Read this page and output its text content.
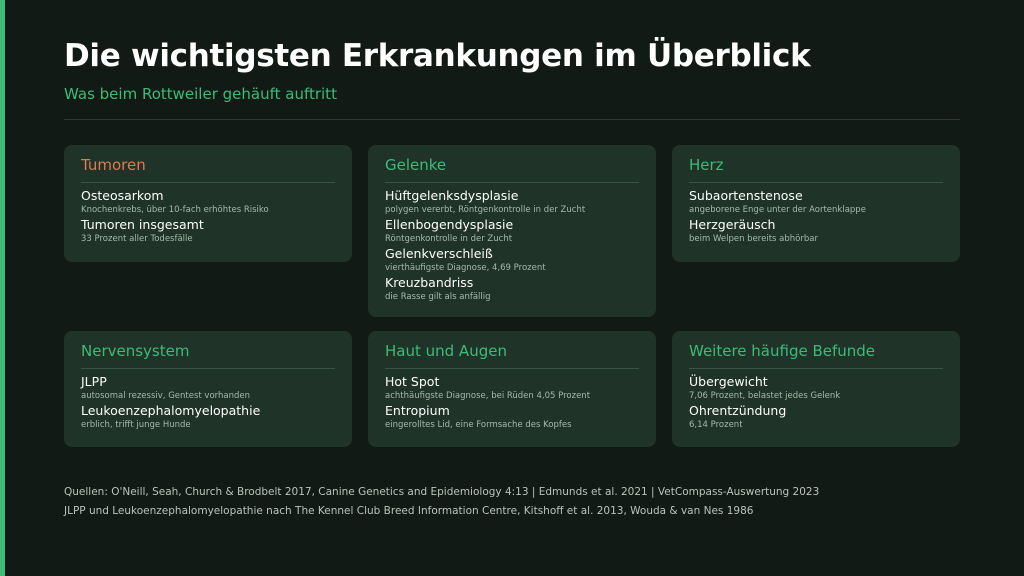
Die wichtigsten Erkrankungen im Überblick
Was beim Rottweiler gehäuft auftritt
Tumoren
Osteosarkom
Knochenkrebs, über 10-fach erhöhtes Risiko
Tumoren insgesamt
33 Prozent aller Todesfälle
Gelenke
Hüftgelenksdysplasie
polygen vererbt, Röntgenkontrolle in der Zucht
Ellenbogendysplasie
Röntgenkontrolle in der Zucht
Gelenkverschleiß
vierthäufigste Diagnose, 4,69 Prozent
Kreuzbandriss
die Rasse gilt als anfällig
Herz
Subaortenstenose
angeborene Enge unter der Aortenklappe
Herzgeräusch
beim Welpen bereits abhörbar
Nervensystem
JLPP
autosomal rezessiv, Gentest vorhanden
Leukoenzephalomyelopathie
erblich, trifft junge Hunde
Haut und Augen
Hot Spot
achthäufigste Diagnose, bei Rüden 4,05 Prozent
Entropium
eingerolltes Lid, eine Formsache des Kopfes
Weitere häufige Befunde
Übergewicht
7,06 Prozent, belastet jedes Gelenk
Ohrentzündung
6,14 Prozent
Quellen: O'Neill, Seah, Church & Brodbelt 2017, Canine Genetics and Epidemiology 4:13 | Edmunds et al. 2021 | VetCompass-Auswertung 2023
JLPP und Leukoenzephalomyelopathie nach The Kennel Club Breed Information Centre, Kitshoff et al. 2013, Wouda & van Nes 1986
